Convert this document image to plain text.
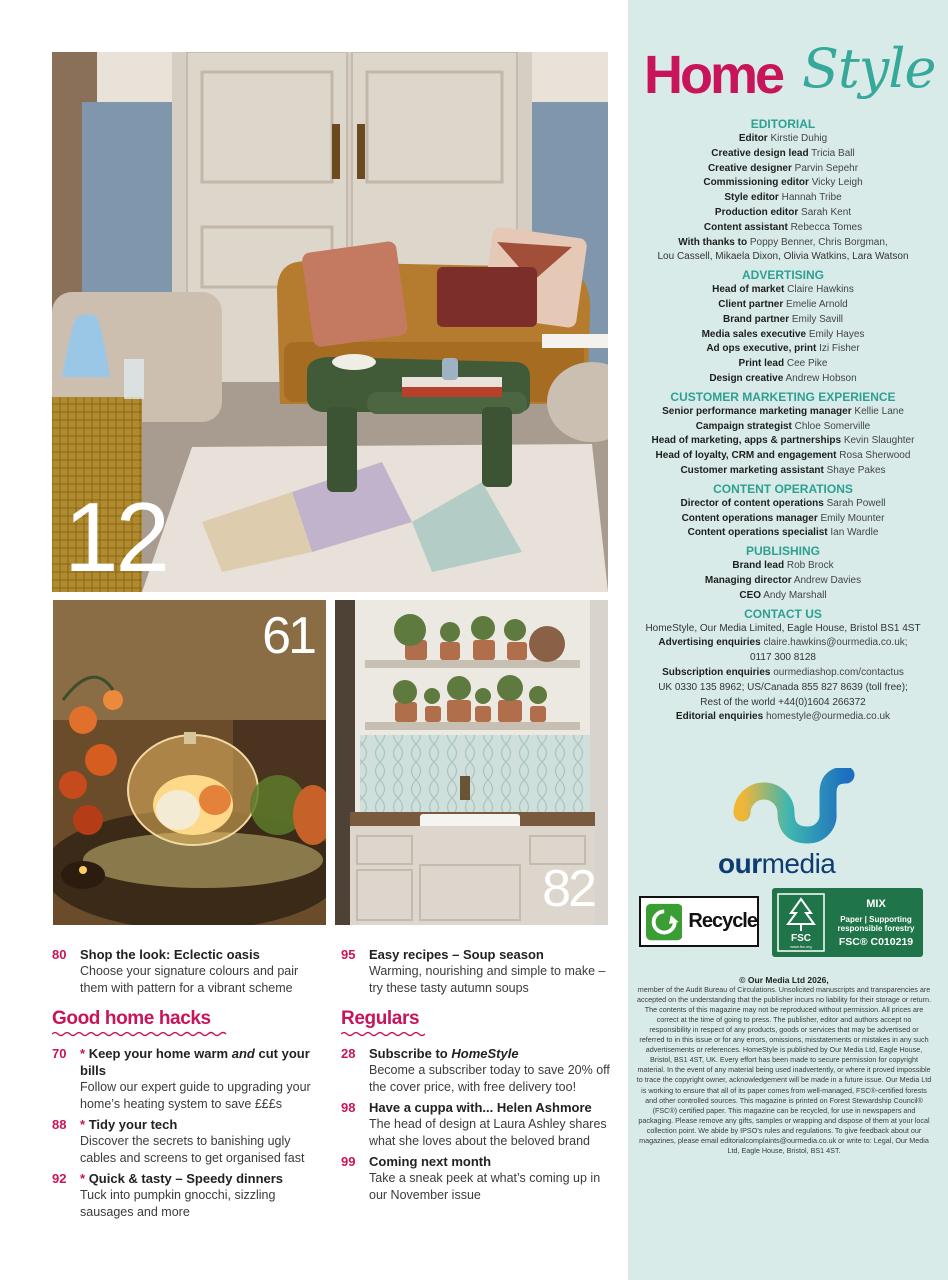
12
61
82
80	Shop the look: Eclectic oasis
Choose your signature colours and pair them with pattern for a vibrant scheme
Good home hacks
70	* Keep your home warm and cut your bills
Follow our expert guide to upgrading your home’s heating system to save £££s
88	* Tidy your tech
Discover the secrets to banishing ugly cables and screens to get organised fast
92	* Quick & tasty – Speedy dinners
Tuck into pumpkin gnocchi, sizzling sausages and more
95	Easy recipes – Soup season
Warming, nourishing and simple to make – try these tasty autumn soups
Regulars
28	Subscribe to HomeStyle
Become a subscriber today to save 20% off the cover price, with free delivery too!
98	Have a cuppa with... Helen Ashmore
The head of design at Laura Ashley shares what she loves about the beloved brand
99	Coming next month
Take a sneak peek at what’s coming up in our November issue
Home Style
EDITORIAL
Editor Kirstie Duhig
Creative design lead Tricia Ball
Creative designer Parvin Sepehr
Commissioning editor Vicky Leigh
Style editor Hannah Tribe
Production editor Sarah Kent
Content assistant Rebecca Tomes
With thanks to Poppy Benner, Chris Borgman,
Lou Cassell, Mikaela Dixon, Olivia Watkins, Lara Watson
ADVERTISING
Head of market Claire Hawkins
Client partner Emelie Arnold
Brand partner Emily Savill
Media sales executive Emily Hayes
Ad ops executive, print Izi Fisher
Print lead Cee Pike
Design creative Andrew Hobson
CUSTOMER MARKETING EXPERIENCE
Senior performance marketing manager Kellie Lane
Campaign strategist Chloe Somerville
Head of marketing, apps & partnerships Kevin Slaughter
Head of loyalty, CRM and engagement Rosa Sherwood
Customer marketing assistant Shaye Pakes
CONTENT OPERATIONS
Director of content operations Sarah Powell
Content operations manager Emily Mounter
Content operations specialist Ian Wardle
PUBLISHING
Brand lead Rob Brock
Managing director Andrew Davies
CEO Andy Marshall
CONTACT US
HomeStyle, Our Media Limited, Eagle House, Bristol BS1 4ST
Advertising enquiries claire.hawkins@ourmedia.co.uk;
0117 300 8128
Subscription enquiries ourmediashop.com/contactus
UK 0330 135 8962; US/Canada 855 827 8639 (toll free);
Rest of the world +44(0)1604 266372
Editorial enquiries homestyle@ourmedia.co.uk
ourmedia
Recycle
FSC
www.fsc.org
MIX
Paper | Supporting responsible forestry
FSC® C010219
© Our Media Ltd 2026,
member of the Audit Bureau of Circulations. Unsolicited manuscripts and transparencies are accepted on the understanding that the publisher incurs no liability for their storage or return. The contents of this magazine may not be reproduced without permission. All prices are correct at the time of going to press. The publisher, editor and authors accept no responsibility in respect of any products, goods or services that may be advertised or referred to in this issue or for any errors, omissions, misstatements or mistakes in any such advertisements or references. HomeStyle is published by Our Media Ltd, Eagle House, Bristol, BS1 4ST, UK. Every effort has been made to secure permission for copyright material. In the event of any material being used inadvertently, or where it proved impossible to trace the copyright owner, acknowledgement will be made in a future issue. Our Media Ltd is working to ensure that all of its paper comes from well-managed, FSC®-certified forests and other controlled sources. This magazine is printed on Forest Stewardship Council® (FSC®) certified paper. This magazine can be recycled, for use in newspapers and packaging. Please remove any gifts, samples or wrapping and dispose of them at your local collection point. We abide by IPSO’s rules and regulations. To give feedback about our magazines, please email editorialcomplaints@ourmedia.co.uk or write to: Legal, Our Media Ltd, Eagle House, Bristol, BS1 4ST.
